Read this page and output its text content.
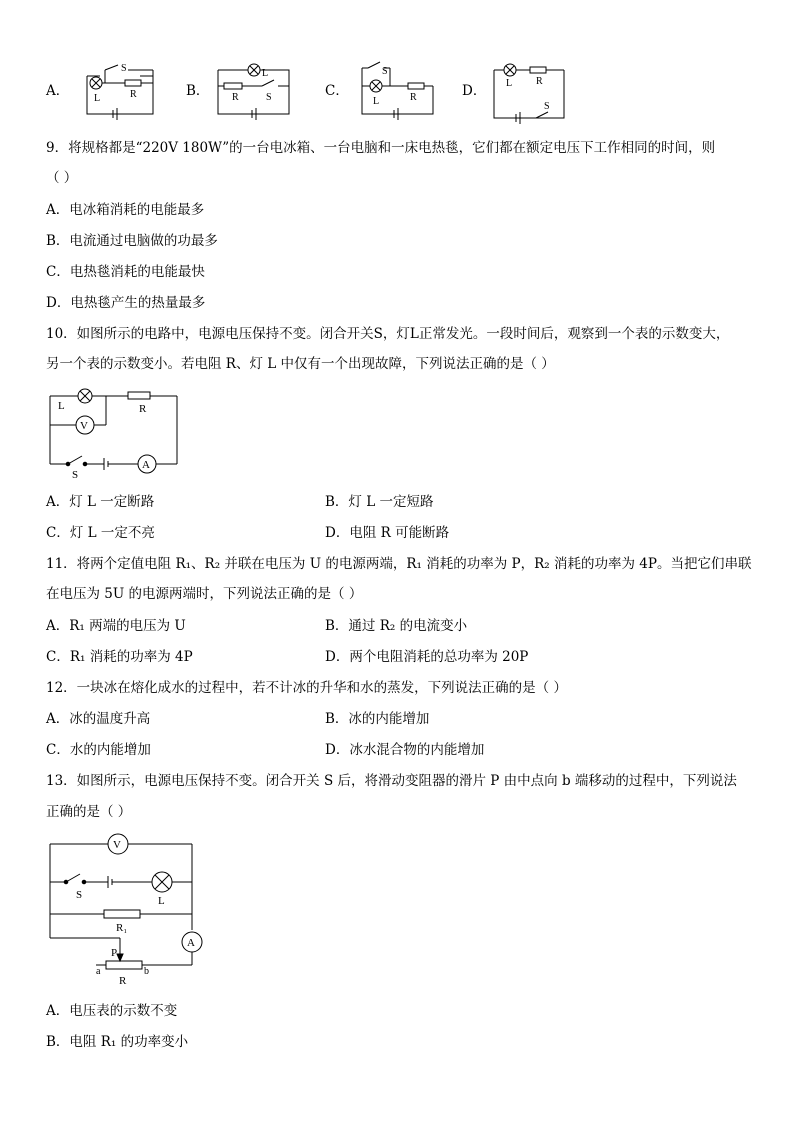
A．
S
L	R	B．
L
R	S	C．
S
L	R	D． L R
S
9．将规格都是“220V 180W”的一台电冰箱、一台电脑和一床电热毯，它们都在额定电压下工作相同的时间，则
（ ）
A．电冰箱消耗的电能最多
B．电流通过电脑做的功最多
C．电热毯消耗的电能最快
D．电热毯产生的热量最多
10．如图所示的电路中，电源电压保持不变。闭合开关S，灯L正常发光。一段时间后，观察到一个表的示数变大，
另一个表的示数变小。若电阻 R、灯 L 中仅有一个出现故障，下列说法正确的是（ ）
L	R
V
S
A
A．灯 L 一定断路	B．灯 L 一定短路
C．灯 L 一定不亮	D．电阻 R 可能断路
11．将两个定值电阻 R₁、R₂ 并联在电压为 U 的电源两端，R₁ 消耗的功率为 P，R₂ 消耗的功率为 4P。当把它们串联
在电压为 5U 的电源两端时，下列说法正确的是（ ）
A．R₁ 两端的电压为 U	B．通过 R₂ 的电流变小
C．R₁ 消耗的功率为 4P	D．两个电阻消耗的总功率为 20P
12．一块冰在熔化成水的过程中，若不计冰的升华和水的蒸发，下列说法正确的是（ ）
A．冰的温度升高	B．冰的内能增加
C．水的内能增加	D．冰水混合物的内能增加
13．如图所示，电源电压保持不变。闭合开关 S 后，将滑动变阻器的滑片 P 由中点向 b 端移动的过程中，下列说法
正确的是（ ）
V
S	L
R₁
A
P
a	b
R
A．电压表的示数不变
B．电阻 R₁ 的功率变小
